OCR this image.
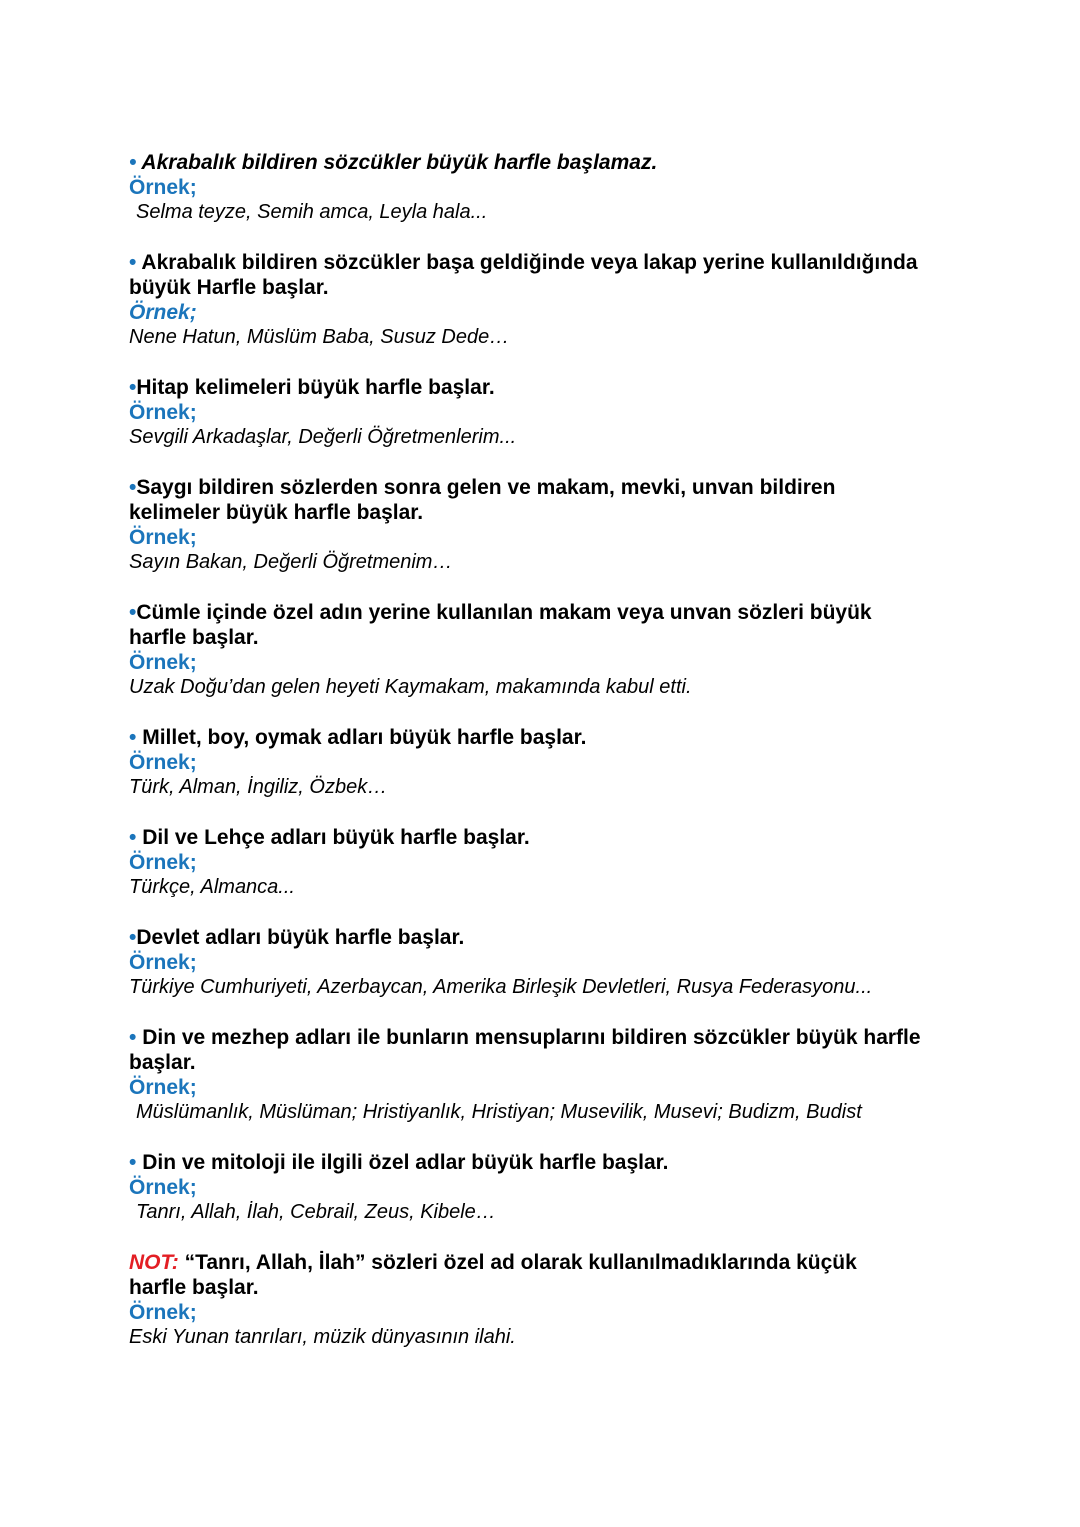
• Akrabalık bildiren sözcükler büyük harfle başlamaz.
Örnek;
Selma teyze, Semih amca, Leyla hala...
• Akrabalık bildiren sözcükler başa geldiğinde veya lakap yerine kullanıldığında
büyük Harfle başlar.
Örnek;
Nene Hatun, Müslüm Baba, Susuz Dede…
•Hitap kelimeleri büyük harfle başlar.
Örnek;
Sevgili Arkadaşlar, Değerli Öğretmenlerim...
•Saygı bildiren sözlerden sonra gelen ve makam, mevki, unvan bildiren
kelimeler büyük harfle başlar.
Örnek;
Sayın Bakan, Değerli Öğretmenim…
•Cümle içinde özel adın yerine kullanılan makam veya unvan sözleri büyük
harfle başlar.
Örnek;
Uzak Doğu’dan gelen heyeti Kaymakam, makamında kabul etti.
• Millet, boy, oymak adları büyük harfle başlar.
Örnek;
Türk, Alman, İngiliz, Özbek…
• Dil ve Lehçe adları büyük harfle başlar.
Örnek;
Türkçe, Almanca...
•Devlet adları büyük harfle başlar.
Örnek;
Türkiye Cumhuriyeti, Azerbaycan, Amerika Birleşik Devletleri, Rusya Federasyonu...
• Din ve mezhep adları ile bunların mensuplarını bildiren sözcükler büyük harfle
başlar.
Örnek;
Müslümanlık, Müslüman; Hristiyanlık, Hristiyan; Musevilik, Musevi; Budizm, Budist
• Din ve mitoloji ile ilgili özel adlar büyük harfle başlar.
Örnek;
Tanrı, Allah, İlah, Cebrail, Zeus, Kibele…
NOT: “Tanrı, Allah, İlah” sözleri özel ad olarak kullanılmadıklarında küçük
harfle başlar.
Örnek;
Eski Yunan tanrıları, müzik dünyasının ilahi.
